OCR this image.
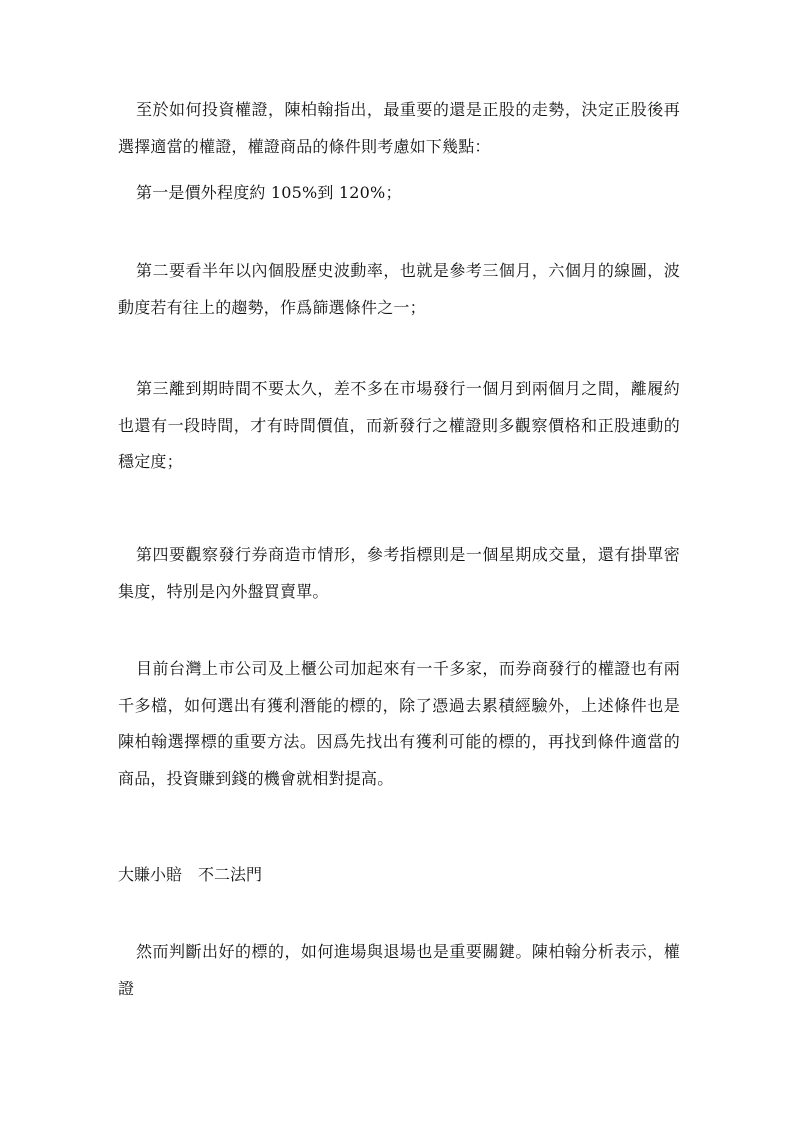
至於如何投資權證，陳柏翰指出，最重要的還是正股的走勢，決定正股後再選擇適當的權證，權證商品的條件則考慮如下幾點：

第一是價外程度約 105%到 120%；

第二要看半年以內個股歷史波動率，也就是參考三個月，六個月的線圖，波動度若有往上的趨勢，作爲篩選條件之一；

第三離到期時間不要太久，差不多在市場發行一個月到兩個月之間，離履約也還有一段時間，才有時間價值，而新發行之權證則多觀察價格和正股連動的穩定度；

第四要觀察發行券商造市情形，參考指標則是一個星期成交量，還有掛單密集度，特別是內外盤買賣單。

目前台灣上市公司及上櫃公司加起來有一千多家，而券商發行的權證也有兩千多檔，如何選出有獲利潛能的標的，除了憑過去累積經驗外，上述條件也是陳柏翰選擇標的重要方法。因爲先找出有獲利可能的標的，再找到條件適當的商品，投資賺到錢的機會就相對提高。

大賺小賠　不二法門

然而判斷出好的標的，如何進場與退場也是重要關鍵。陳柏翰分析表示，權證
